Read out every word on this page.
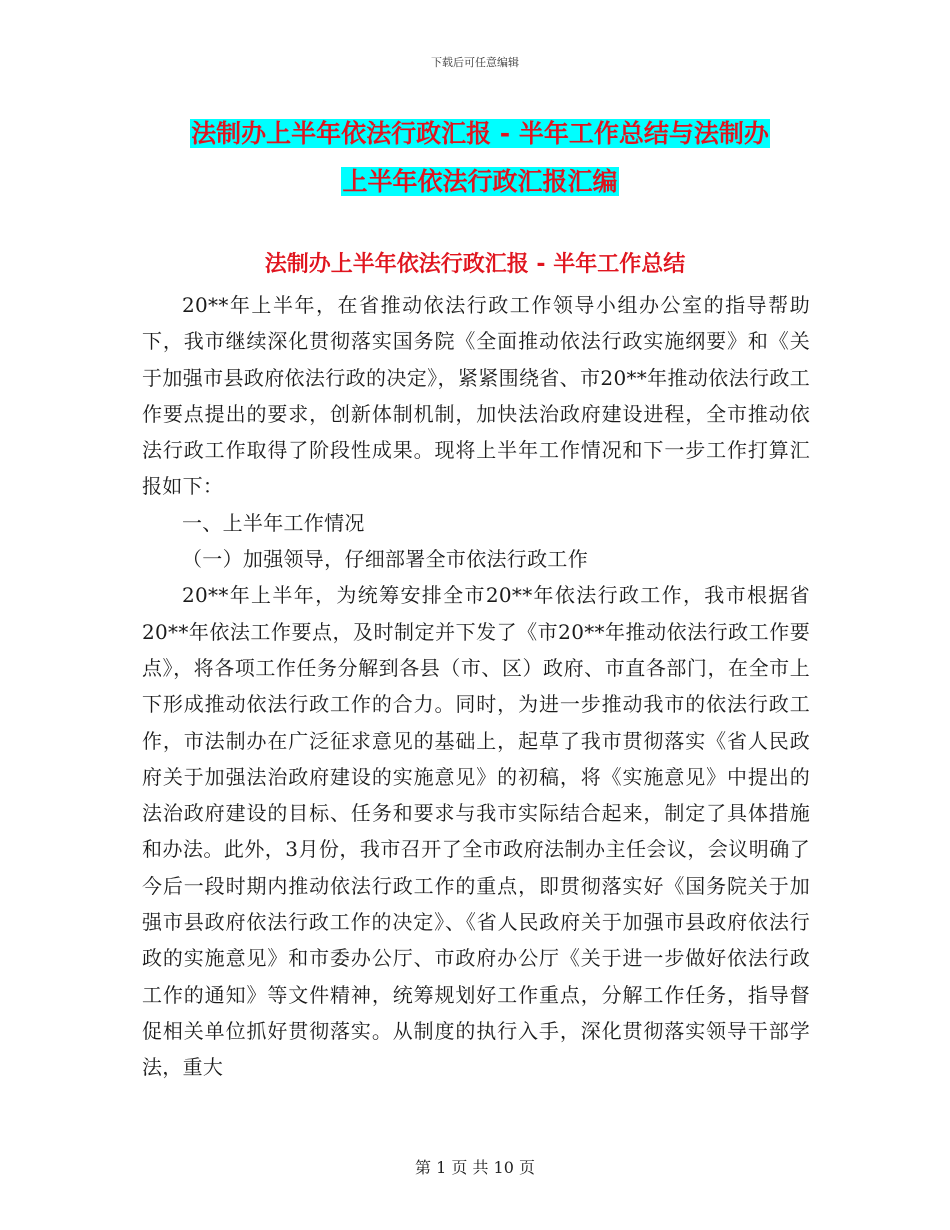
下载后可任意编辑
法制办上半年依法行政汇报 - 半年工作总结与法制办
上半年依法行政汇报汇编
法制办上半年依法行政汇报 - 半年工作总结

20**年上半年，在省推动依法行政工作领导小组办公室的指导帮助下，我市继续深化贯彻落实国务院《全面推动依法行政实施纲要》和《关于加强市县政府依法行政的决定》，紧紧围绕省、市20**年推动依法行政工作要点提出的要求，创新体制机制，加快法治政府建设进程，全市推动依法行政工作取得了阶段性成果。现将上半年工作情况和下一步工作打算汇报如下：

一、上半年工作情况

（一）加强领导，仔细部署全市依法行政工作

20**年上半年，为统筹安排全市20**年依法行政工作，我市根据省20**年依法工作要点，及时制定并下发了《市20**年推动依法行政工作要点》，将各项工作任务分解到各县（市、区）政府、市直各部门，在全市上下形成推动依法行政工作的合力。同时，为进一步推动我市的依法行政工作，市法制办在广泛征求意见的基础上，起草了我市贯彻落实《省人民政府关于加强法治政府建设的实施意见》的初稿，将《实施意见》中提出的法治政府建设的目标、任务和要求与我市实际结合起来，制定了具体措施和办法。此外，3月份，我市召开了全市政府法制办主任会议，会议明确了今后一段时期内推动依法行政工作的重点，即贯彻落实好《国务院关于加强市县政府依法行政工作的决定》、《省人民政府关于加强市县政府依法行政的实施意见》和市委办公厅、市政府办公厅《关于进一步做好依法行政工作的通知》等文件精神，统筹规划好工作重点，分解工作任务，指导督促相关单位抓好贯彻落实。从制度的执行入手，深化贯彻落实领导干部学法，重大

第 1 页 共 10 页
